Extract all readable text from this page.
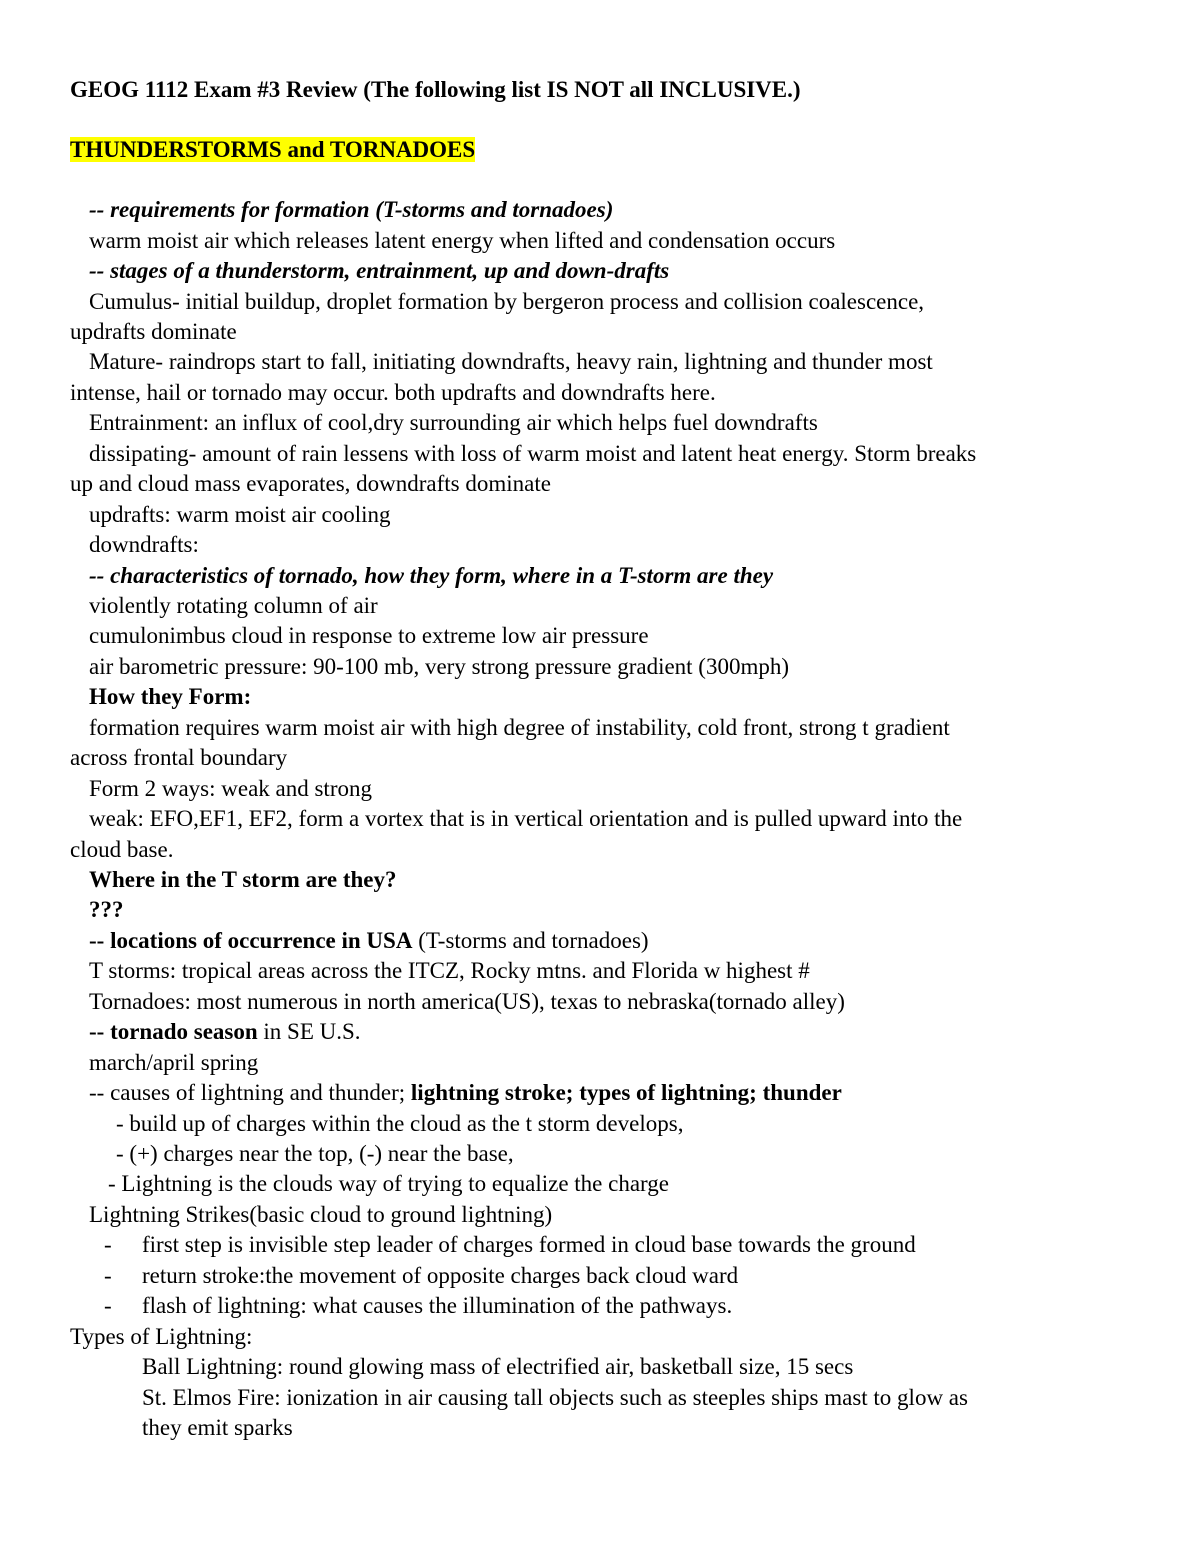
GEOG 1112 Exam #3 Review (The following list IS NOT all INCLUSIVE.)
THUNDERSTORMS and TORNADOES
-- requirements for formation (T-storms and tornadoes)
warm moist air which releases latent energy when lifted and condensation occurs
-- stages of a thunderstorm, entrainment, up and down-drafts
Cumulus- initial buildup, droplet formation by bergeron process and collision coalescence,
updrafts dominate
Mature- raindrops start to fall, initiating downdrafts, heavy rain, lightning and thunder most
intense, hail or tornado may occur. both updrafts and downdrafts here.
Entrainment: an influx of cool,dry surrounding air which helps fuel downdrafts
dissipating- amount of rain lessens with loss of warm moist and latent heat energy. Storm breaks
up and cloud mass evaporates, downdrafts dominate
updrafts: warm moist air cooling
downdrafts:
-- characteristics of tornado, how they form, where in a T-storm are they
violently rotating column of air
cumulonimbus cloud in response to extreme low air pressure
air barometric pressure: 90-100 mb, very strong pressure gradient (300mph)
How they Form:
formation requires warm moist air with high degree of instability, cold front, strong t gradient
across frontal boundary
Form 2 ways: weak and strong
weak: EFO,EF1, EF2, form a vortex that is in vertical orientation and is pulled upward into the
cloud base.
Where in the T storm are they?
???
-- locations of occurrence in USA (T-storms and tornadoes)
T storms: tropical areas across the ITCZ, Rocky mtns. and Florida w highest #
Tornadoes: most numerous in north america(US), texas to nebraska(tornado alley)
-- tornado season in SE U.S.
march/april spring
-- causes of lightning and thunder; lightning stroke; types of lightning; thunder
- build up of charges within the cloud as the t storm develops,
- (+) charges near the top, (-) near the base,
- Lightning is the clouds way of trying to equalize the charge
Lightning Strikes(basic cloud to ground lightning)
- first step is invisible step leader of charges formed in cloud base towards the ground
- return stroke:the movement of opposite charges back cloud ward
- flash of lightning: what causes the illumination of the pathways.
Types of Lightning:
Ball Lightning: round glowing mass of electrified air, basketball size, 15 secs
St. Elmos Fire: ionization in air causing tall objects such as steeples ships mast to glow as
they emit sparks
